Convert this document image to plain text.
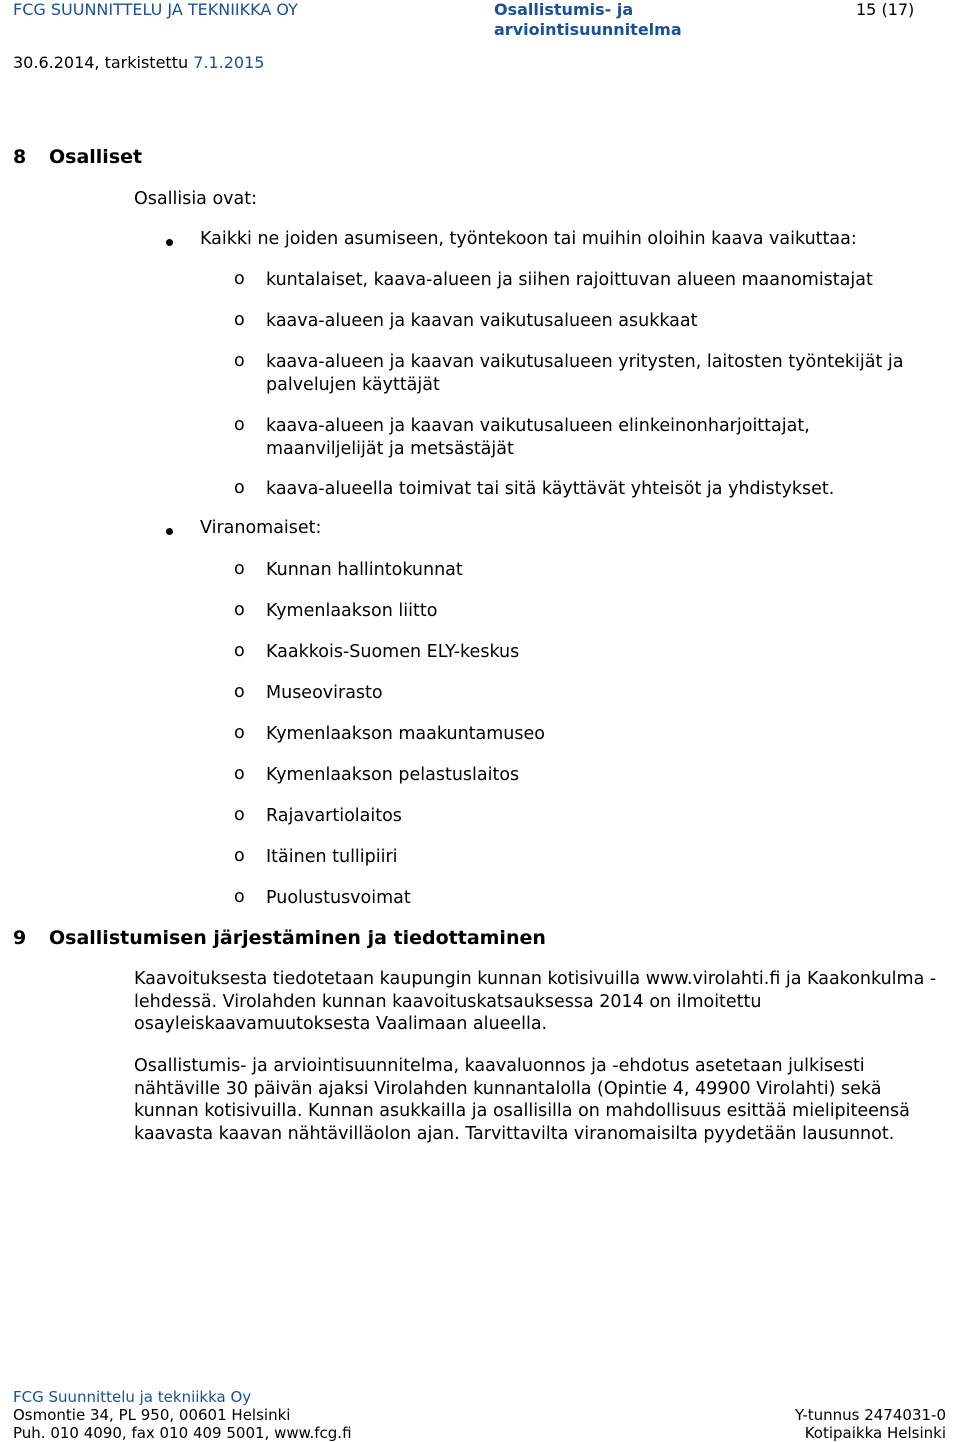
FCG SUUNNITTELU JA TEKNIIKKA OY	Osallistumis- ja
arviointisuunnitelma
15 (17)
30.6.2014, tarkistettu 7.1.2015
8 Osalliset
Osallisia ovat:
Kaikki ne joiden asumiseen, työntekoon tai muihin oloihin kaava vaikuttaa:
o kuntalaiset, kaava-alueen ja siihen rajoittuvan alueen maanomistajat
o kaava-alueen ja kaavan vaikutusalueen asukkaat
o kaava-alueen ja kaavan vaikutusalueen yritysten, laitosten työntekijät ja palvelujen käyttäjät
o kaava-alueen ja kaavan vaikutusalueen elinkeinonharjoittajat, maanviljelijät ja metsästäjät
o kaava-alueella toimivat tai sitä käyttävät yhteisöt ja yhdistykset.
Viranomaiset:
o Kunnan hallintokunnat
o Kymenlaakson liitto
o Kaakkois-Suomen ELY-keskus
o Museovirasto
o Kymenlaakson maakuntamuseo
o Kymenlaakson pelastuslaitos
o Rajavartiolaitos
o Itäinen tullipiiri
o Puolustusvoimat
9 Osallistumisen järjestäminen ja tiedottaminen
Kaavoituksesta tiedotetaan kaupungin kunnan kotisivuilla www.virolahti.fi ja Kaakonkulma -lehdessä. Virolahden kunnan kaavoituskatsauksessa 2014 on ilmoitettu osayleiskaavamuutoksesta Vaalimaan alueella.
Osallistumis- ja arviointisuunnitelma, kaavaluonnos ja -ehdotus asetetaan julkisesti nähtäville 30 päivän ajaksi Virolahden kunnantalolla (Opintie 4, 49900 Virolahti) sekä kunnan kotisivuilla. Kunnan asukkailla ja osallisilla on mahdollisuus esittää mielipiteensä kaavasta kaavan nähtävilläolon ajan. Tarvittavilta viranomaisilta pyydetään lausunnot.
FCG Suunnittelu ja tekniikka Oy
Osmontie 34, PL 950, 00601 Helsinki
Puh. 010 4090, fax 010 409 5001, www.fcg.fi
Y-tunnus 2474031-0
Kotipaikka Helsinki
